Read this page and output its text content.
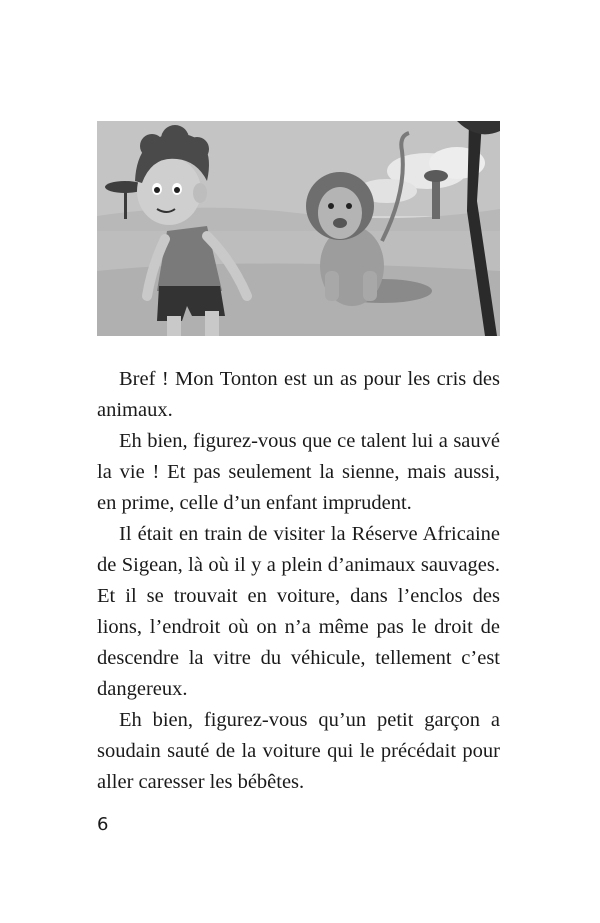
Bref ! Mon Tonton est un as pour les cris des animaux.

Eh bien, figurez-vous que ce talent lui a sauvé la vie ! Et pas seulement la sienne, mais aussi, en prime, celle d’un enfant imprudent.

Il était en train de visiter la Réserve Africaine de Sigean, là où il y a plein d’animaux sauvages. Et il se trouvait en voiture, dans l’enclos des lions, l’endroit où on n’a même pas le droit de descendre la vitre du véhicule, tellement c’est dangereux.

Eh bien, figurez-vous qu’un petit garçon a soudain sauté de la voiture qui le précédait pour aller caresser les bébêtes.

6
